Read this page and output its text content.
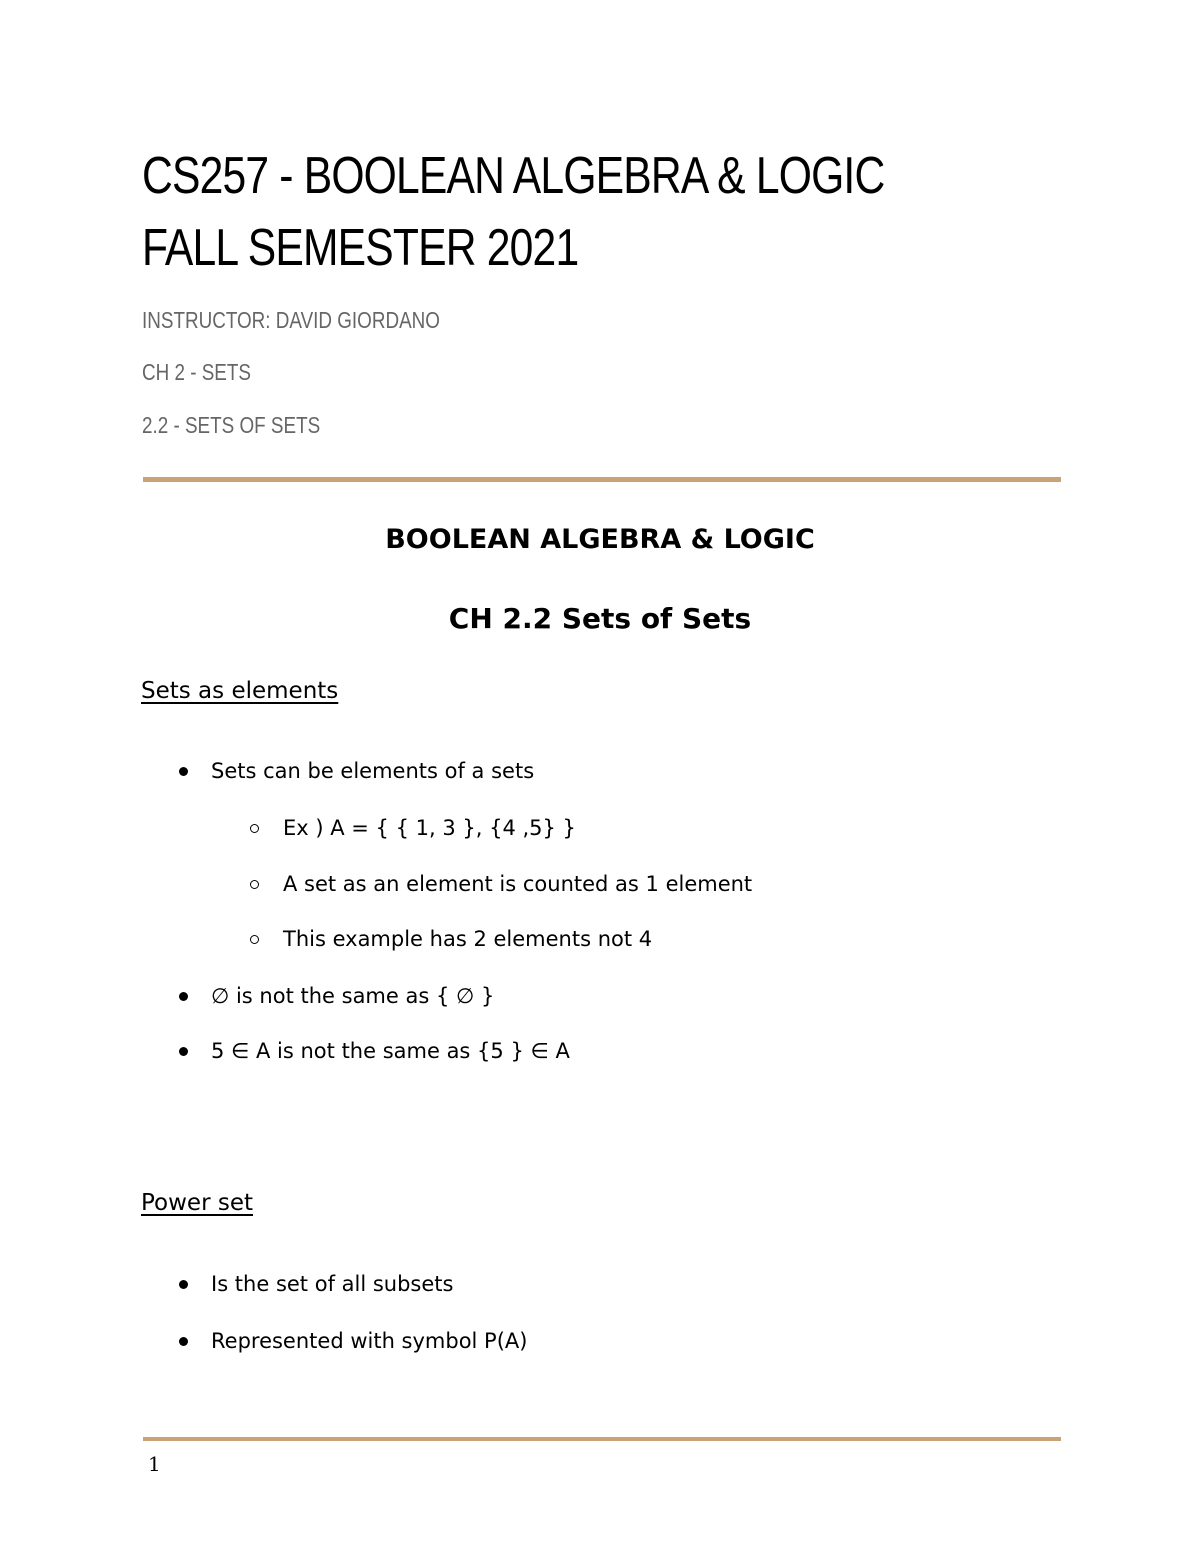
CS257 - BOOLEAN ALGEBRA & LOGIC
FALL SEMESTER 2021
INSTRUCTOR: DAVID GIORDANO
CH 2 - SETS
2.2 - SETS OF SETS
BOOLEAN ALGEBRA & LOGIC
CH 2.2 Sets of Sets
Sets as elements
Sets can be elements of a sets
Ex ) A = { { 1, 3 }, {4 ,5} }
A set as an element is counted as 1 element
This example has 2 elements not 4
∅ is not the same as { ∅ }
5 ∈ A is not the same as {5 } ∈ A
Power set
Is the set of all subsets
Represented with symbol P(A)
1
